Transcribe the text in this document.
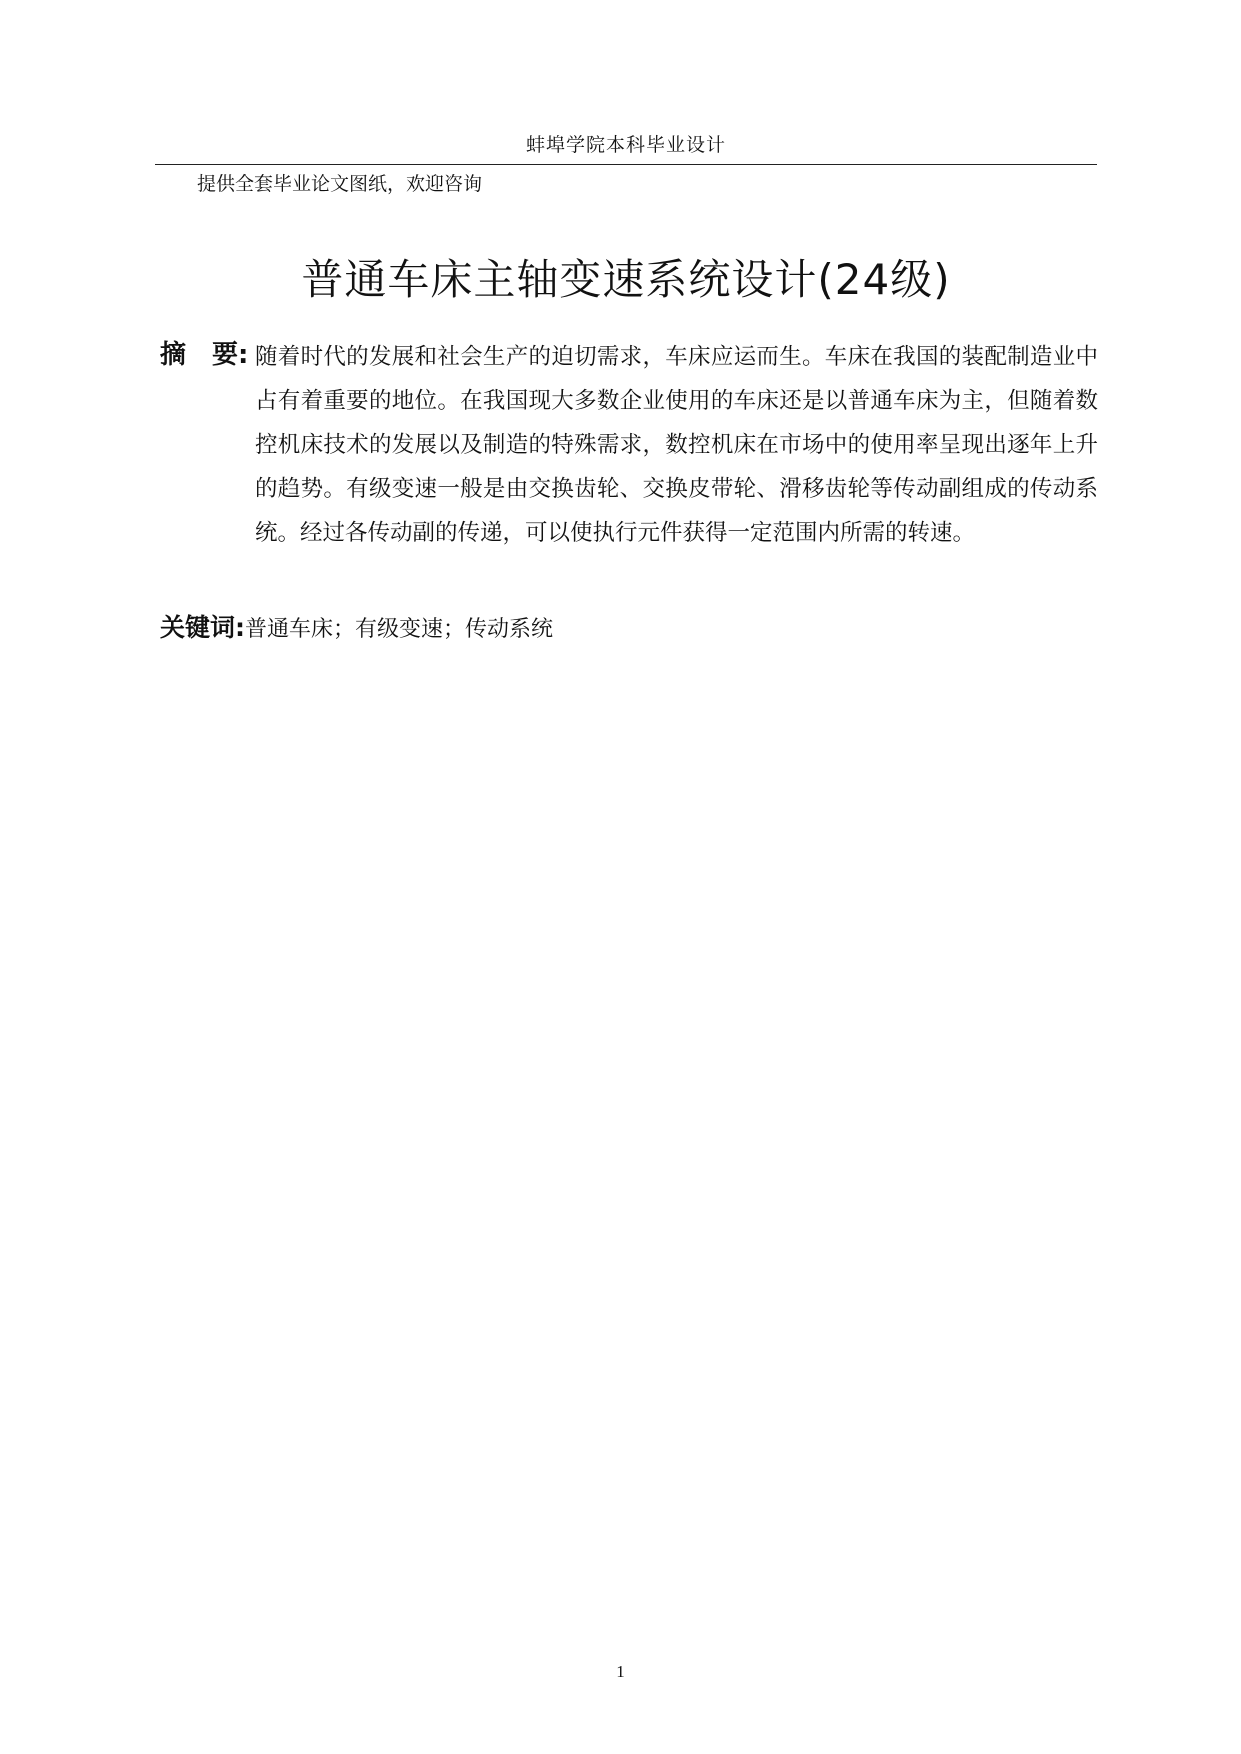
蚌埠学院本科毕业设计
提供全套毕业论文图纸，欢迎咨询
普通车床主轴变速系统设计(24级)
摘　要: 随着时代的发展和社会生产的迫切需求，车床应运而生。车床在我国的装配制造业中占有着重要的地位。在我国现大多数企业使用的车床还是以普通车床为主，但随着数控机床技术的发展以及制造的特殊需求，数控机床在市场中的使用率呈现出逐年上升的趋势。有级变速一般是由交换齿轮、交换皮带轮、滑移齿轮等传动副组成的传动系统。经过各传动副的传递，可以使执行元件获得一定范围内所需的转速。
关键词:普通车床；有级变速；传动系统
1
